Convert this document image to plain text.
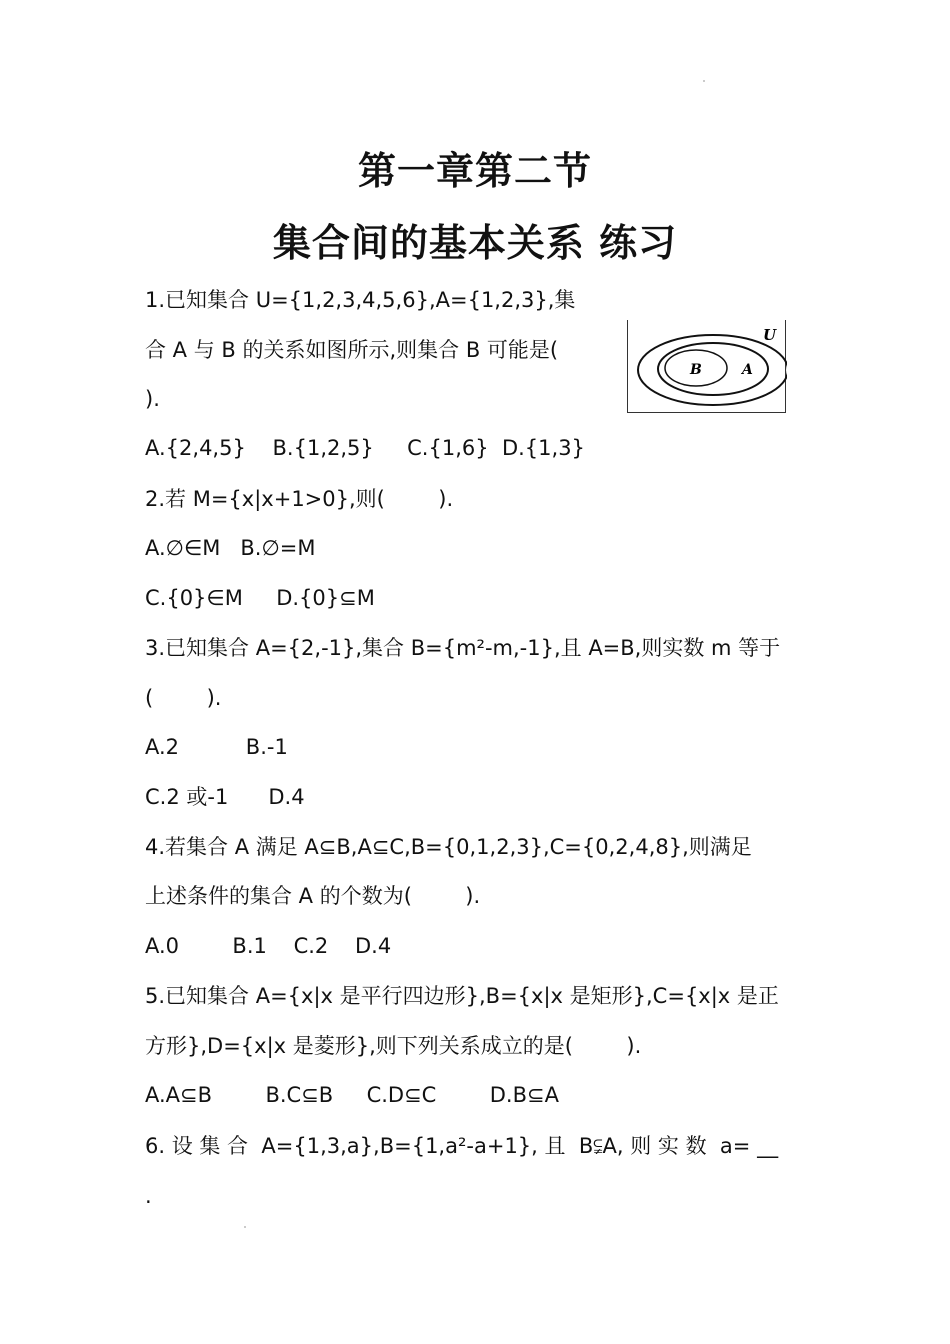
第一章第二节
集合间的基本关系 练习
1.已知集合 U={1,2,3,4,5,6},A={1,2,3},集
合 A 与 B 的关系如图所示,则集合 B 可能是(
).
U
A
B
A.{2,4,5}    B.{1,2,5}     C.{1,6}  D.{1,3}
2.若 M={x|x+1>0},则(        ).
A.∅∈M   B.∅=M
C.{0}∈M     D.{0}⊆M
3.已知集合 A={2,-1},集合 B={m²-m,-1},且 A=B,则实数 m 等于
(        ).
A.2          B.-1
C.2 或-1      D.4
4.若集合 A 满足 A⊆B,A⊆C,B={0,1,2,3},C={0,2,4,8},则满足
上述条件的集合 A 的个数为(        ).
A.0        B.1    C.2    D.4
5.已知集合 A={x|x 是平行四边形},B={x|x 是矩形},C={x|x 是正
方形},D={x|x 是菱形},则下列关系成立的是(        ).
A.A⊆B        B.C⊆B     C.D⊆C        D.B⊆A
6. 设 集 合  A={1,3,a},B={1,a²-a+1}, 且  B⫋A, 则 实 数  a= __
.
